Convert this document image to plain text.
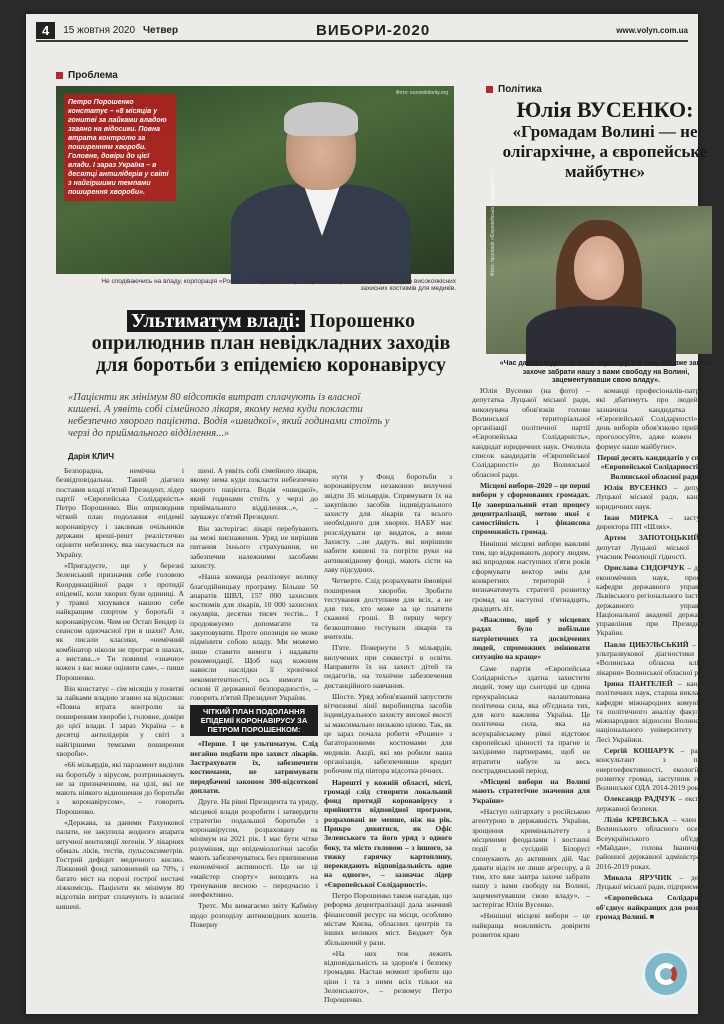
4	15 жовтня 2020 Четвер	ВИБОРИ-2020	www.volyn.com.ua
Проблема
Петро Порошенко констатує – «8 місяців у гонитві за лайками владою згаяно на відосики. Повна втрата контролю за поширенням хвороби. Головне, довіри до цієї влади. І зараз Україна – в десятці антилідерів у світі з найгіршими темпами поширення хвороби».
Фото: eurosolidarity.org
Не сподіваючись на владу, корпорація «Рошен» з ініціативи Петра Порошенка розпочала виробництво високоякісних захисних костюмів для медиків.
Ультиматум владі: Порошенко оприлюднив план невідкладних заходів для боротьби з епідемією коронавірусу
«Пацієнти як мінімум 80 відсотків витрат сплачують із власної кишені. А уявіть собі сімейного лікаря, якому нема куди покласти небезпечно хворого пацієнта. Водія «швидкої», який годинами стоїть у черзі до приймального відділення...»
Дарія КЛИЧ

Безпорадна, немічна і безвідповідальна. Такий діагноз поставив владі п'ятий Президент, лідер партії «Європейська Солідарність» Петро Порошенко. Він оприлюднив чіткий план подолання епідемії коронавірусу і закликав очільників держави вреші-решт реалістично оцінити небезпеку, яка насувається на Україну.

«Пригадуєте, ще у березні Зеленський призначив себе головою Координаційної ради з протидії епідемії, коли хворих були одиниці. А у травні хизувався нашою себе найкращим спортом у боротьбі з коронавірусом. Чим не Остап Бендер із сеансом одночасної гри в шахи? Але, як писали класики, «немічний комбінатор ніколи не програє в шахах, а вистава...» Ти повинні «значно» кожен з вас може оцінити сам», – пише Порошенко.

Він констатує – сім місяців у гонитві за лайками владою згаяно на відосики: «Повна втрата контролю за поширенням хвороби і, головне, довіри до цієї влади. І зараз Україна – в десятці антилідерів у світі з найгіршими темпами поширення хвороби».

«66 мільярдів, які парламент виділив на боротьбу з вірусом, розтриньковуть не за призначенням, на цілі, які не мають ніякого відношення до боротьби з коронавірусом», – говорить Порошенко.

«Держава, за даними Рахункової палати, не закупила жодного апарата штучної вентиляції легенів. У лікарнях обмаль ліків, тестів, пульсоксиметрів. Гострий дефіцит медичного кисню. Ліжковий фонд заповнений на 70%, і багато міст на порозі гострої нестачі ліжкомісць. Пацієнти як мінімум 80 відсотків витрат сплачують із власної кишені.

шені. А уявіть собі сімейного лікаря, якому нема куди покласти небезпечно хворого пацієнта. Водія «швидкої», який годинами стоїть у черзі до приймального відділення...», – зауважує п'ятий Президент.

Він застерігає: лікарі перебувають на межі виснаження. Уряд не вирішив питання їхнього страхування, не забезпечив належними засобами захисту.

«Наша команда реалізовує велику благодійницьку програму. Більше 50 апаратів ШВЛ, 157 000 захисних костюмів для лікарів, 10 000 захисних окулярів, десятки тисяч тестів... І продовжуємо допомагати та закуповувати. Проте опозиція не може підмінити собою владу. Ми можемо лише ставити вимоги і надавати рекомендації. Щоб над кожним нависли наслідки її хронічної некомпетентності, ось вимоги за основі її державної безпорадності», – говорить п'ятий Президент України.

ЧІТКИЙ ПЛАН ПОДОЛАННЯ ЕПІДЕМІЇ КОРОНАВІРУСУ ЗА ПЕТРОМ ПОРОШЕНКОМ:

«Перше. І це ультиматум. Слід негайно подбати про захист лікарів. Застрахувати їх, забезпечити костюмами, не затримувати передбачені законом 300-відсоткові доплати.

Друге. На рівні Президента та уряду, місцевої влади розробити і затвердити стратегію подальшої боротьби з коронавірусом, розраховану як мінімум на 2021 рік. І має бути чітке розуміння, що епідеміологічні засоби мають забезпечуватись без припинення економічної активності. Це не ці «майстер спорту» виходять на тренування весною – передчасно і неефективно.

Третє. Ми вимагаємо звіту Кабміну щодо розподілу антиковідних коштів. Поверну

нути у Фонд боротьби з коронавірусом незаконно вилучені звідти 35 мільярдів. Спрямувати їх на закупівлю засобів індивідуального захисту для лікарів та всього необхідного для хворих. НАБУ має розслідувати це видаток, а вини Захисту. ...не дадуть. які вирішили набити кишені та погріти руки на антиковідному фонді, мають сісти на лаву підсудних.

Четверте. Слід розрахувати ймовірні поширення хвороби. Зробити тестування доступним для всіх, а не для тих, хто може за це платити скажені гроші. В першу чергу безкоштовно тестувати лікарів та вчителів.

П'яте. Повернути 5 мільярдів, вилучених при секвестрі в освіти. Направити їх на захист дітей та педагогів, на технічне забезпечення дистанційного навчання.

Шосте. Уряд зобов'язаний запустити вітчизняні лінії виробництва засобів індивідуального захисту високої якості за максимально низькою ціною. Так, як це зараз почала робити «Рошен» з багаторазовими костюмами для медиків. Акції, які ми робили наша організація, забезпечивши кредит робочим під півтора відсотка річних.

Нарешті у кожній області, місті, громаді слід створити локальний фонд протидії коронавірусу з прийняття відповідної програми, розраховані не менше, ніж на рік. Прикро дивитися, як Офіс Зеленського та його уряд з одного боку, та місто головою – з іншого, за тижку гарячку картоплину, перекидають відповідальність одне на одного», – зазначає лідер «Європейської Солідарності».

Петро Порошенко також нагадав, що реформа децентралізації дала значний фінансовий ресурс на місця, особливо містам Києва, обласних центрів та інших великих міст. Бюджет був збільшений у рази.

«На них теж лежить відповідальність за здоров'я і безпеку громадян. Настав момент зробити що ціни і та з ними всіх тільки на Зеленського», – резюмує Петро Порошенко.

Політика
Юлія ВУСЕНКО:
«Громадам Волині — не олігархічне, а європейське майбутнє»
Фото: facebook «Європейська Солідарність»
«Час давати відсіч не лише агресору, а й тим, хто вже завтра захоче забрати нашу з вами свободу на Волині, зацементувавши свою владу».

Юлія Вусенко (на фото) – депутатка Луцької міської ради, виконувача обов'язків голови Волинської територіальної організації політичної партії «Європейська Солідарність», кандидат юридичних наук. Очолила список кандидатів «Європейської Солідарності» до Волинської обласної ради.

Місцеві вибори–2020 – це перші вибори у сформованих громадах. Це завершальний етап процесу децентралізації, метою якої є самостійність і фінансова спроможність громад.

Нинішні місцеві вибори важливі тим, що відкривають дорогу людям, які впродовж наступних п'яти років сформувати вектор змін для конкретних територій і визначатимуть стратегії розвитку громад на наступні п'ятнадцять, двадцять літ.

«Важливо, щоб у місцевих радах було побільше патріотичних та досвідчених людей, спроможних змінювати ситуацію на краще»

Саме партія «Європейська Солідарність» здатна захистити людей, тому що сьогодні це єдина проукраїнська налаштована політична сила, яка об'єднала тих, для кого важлива Україна. Це політична сила, яка на всеукраїнському рівні відстоює європейські цінності та прагне іє західними партнерами, щоб не втратити набуте за весь пострадянський період.

«Місцеві вибори на Волині мають стратегічне значення для України»

«Наступ олігархату з російською агентурою в державність України, зрощення кримінальітету з місцевими феодалами і востанні події в сусідній Білорусі спонукають до активних дій. Час давати відсіч не лише агресору, а й тим, хто вже завтра захоче забрати нашу з вами свободу на Волині, зацементувавши свою владу», – застерігає Юлія Вусенко.

«Нинішні місцеві вибори – це найкраща можливість довірити розвиток краю

команді професіоналів-патріотів, які дбатимуть про людей», – зазначила кандидатка від «Європейської Солідарності». «У день виборів обов'язково прийдіть і проголосуйте, адже кожен голос формує наше майбутнє».

Перші десять кандидатів у списку «Європейської Солідарності» до Волинської обласної ради:

Юлія ВУСЕНКО – депутатка Луцької міської ради, кандидат юридичних наук.

Іван МИРКА – заступник директора ПП «Шлях».

Артем ЗАПОТОЦЬКИЙ – депутат Луцької міської ради, учасник Революції гідності.

Орислава СИДОРЧУК – доктор економічних наук, професор кафедри державного управління Львівського регіонального інституту державного управління Національної академії державного управління при Президентові України.

Павло ЦИБУЛЬСЬКИЙ – лікар ультразвукової діагностики КП «Волинська обласна клінічна лікарня» Волинської обласної ради.

Ірина ПАНТЕЛЕЙ – кандидат політичних наук, старша викладачка кафедри міжнародних комунікацій та політичного аналізу факультету міжнародних відносин Волинського національного університету імені Лесі Українки.

Сергій КОШАРУК – радник-консультант з питань енергоефективності, екології та розвитку громад, заступник голови Волинської ОДА 2014-2019 років.

Олександр РАДЧУК – експерт з державної безпеки.

Лілія КРЕВСЬКА – член Ради Волинського обласного осередку Всеукраїнського об'єднання «Майдан», голова Іваничівської районної державної адміністрації у 2016-2019 роках.

Микола ЯРУЧИК – депутат Луцької міської ради, підприємець.

«Європейська Солідарність» об'єднує найкращих для розвитку громад Волині. ■
